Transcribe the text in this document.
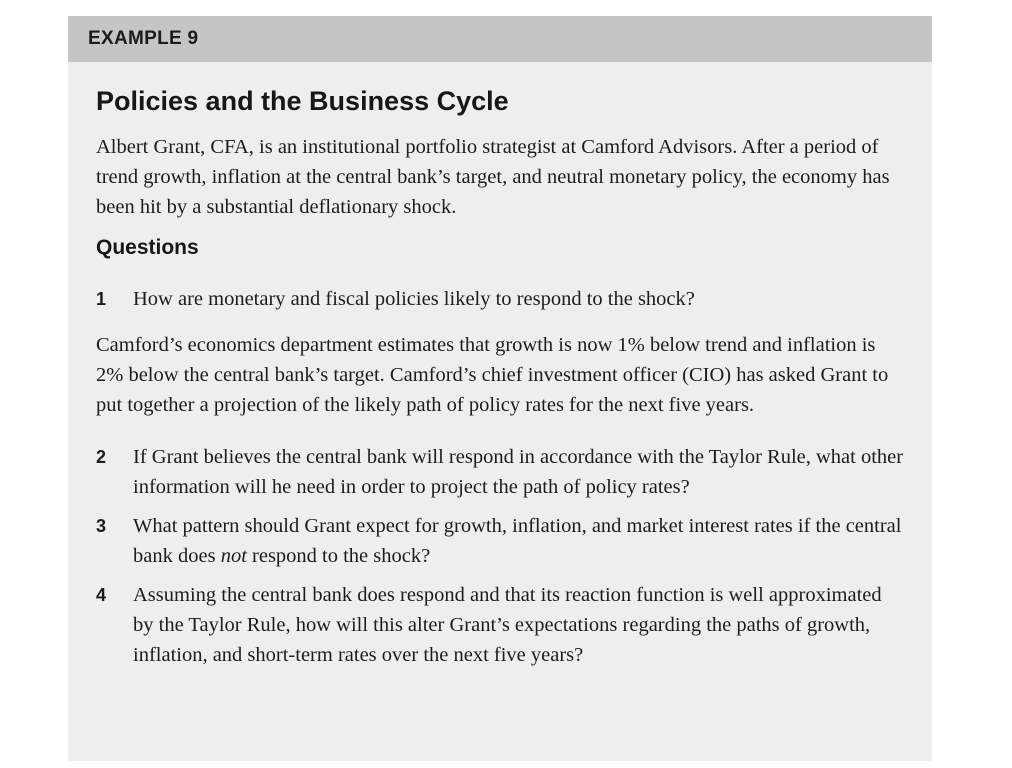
EXAMPLE 9
Policies and the Business Cycle

Albert Grant, CFA, is an institutional portfolio strategist at Camford Advisors. After a period of trend growth, inflation at the central bank’s target, and neutral monetary policy, the economy has been hit by a substantial deflationary shock.

Questions
1	How are monetary and fiscal policies likely to respond to the shock?

Camford’s economics department estimates that growth is now 1% below trend and inflation is 2% below the central bank’s target. Camford’s chief investment officer (CIO) has asked Grant to put together a projection of the likely path of policy rates for the next five years.

2	If Grant believes the central bank will respond in accordance with the Taylor Rule, what other information will he need in order to project the path of policy rates?
3	What pattern should Grant expect for growth, inflation, and market interest rates if the central bank does not respond to the shock?
4	Assuming the central bank does respond and that its reaction function is well approximated by the Taylor Rule, how will this alter Grant’s expectations regarding the paths of growth, inflation, and short-term rates over the next five years?
